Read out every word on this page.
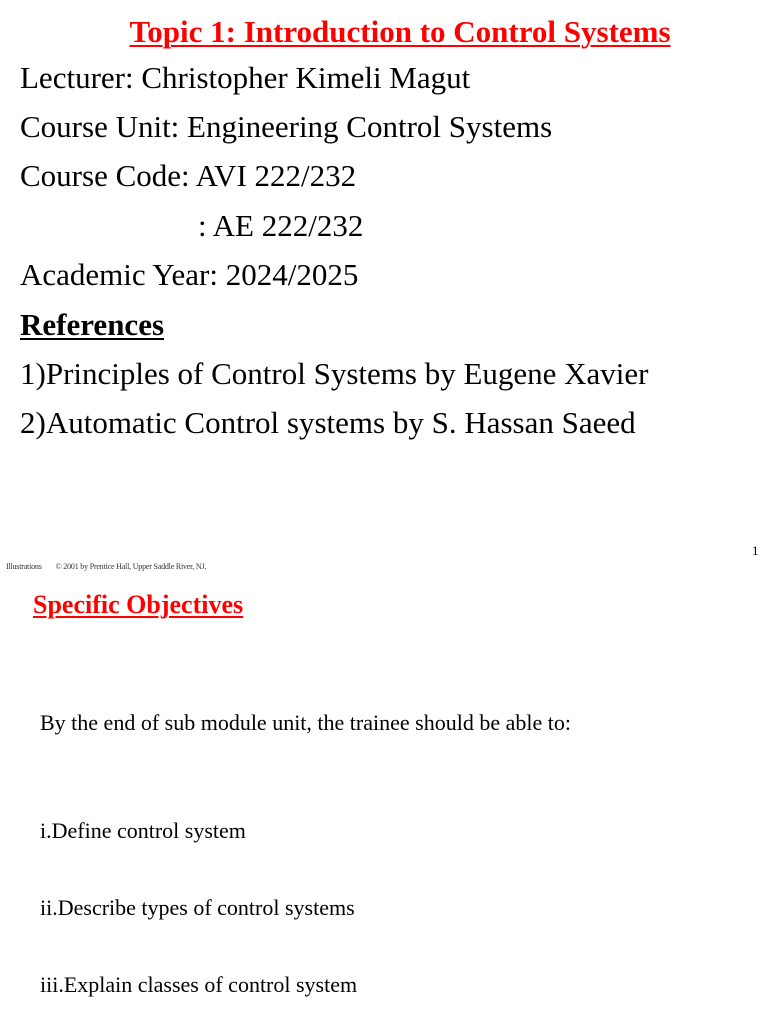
Topic 1: Introduction to Control Systems
Lecturer: Christopher Kimeli Magut
Course Unit: Engineering Control Systems
Course Code: AVI 222/232
: AE 222/232
Academic Year: 2024/2025
References
1)Principles of Control Systems by Eugene Xavier
2)Automatic Control systems by S. Hassan Saeed
1
Illustrations © 2001 by Prentice Hall, Upper Saddle River, NJ.
Specific Objectives
By the end of sub module unit, the trainee should be able to:
i.Define control system
ii.Describe types of control systems
iii.Explain classes of control system
